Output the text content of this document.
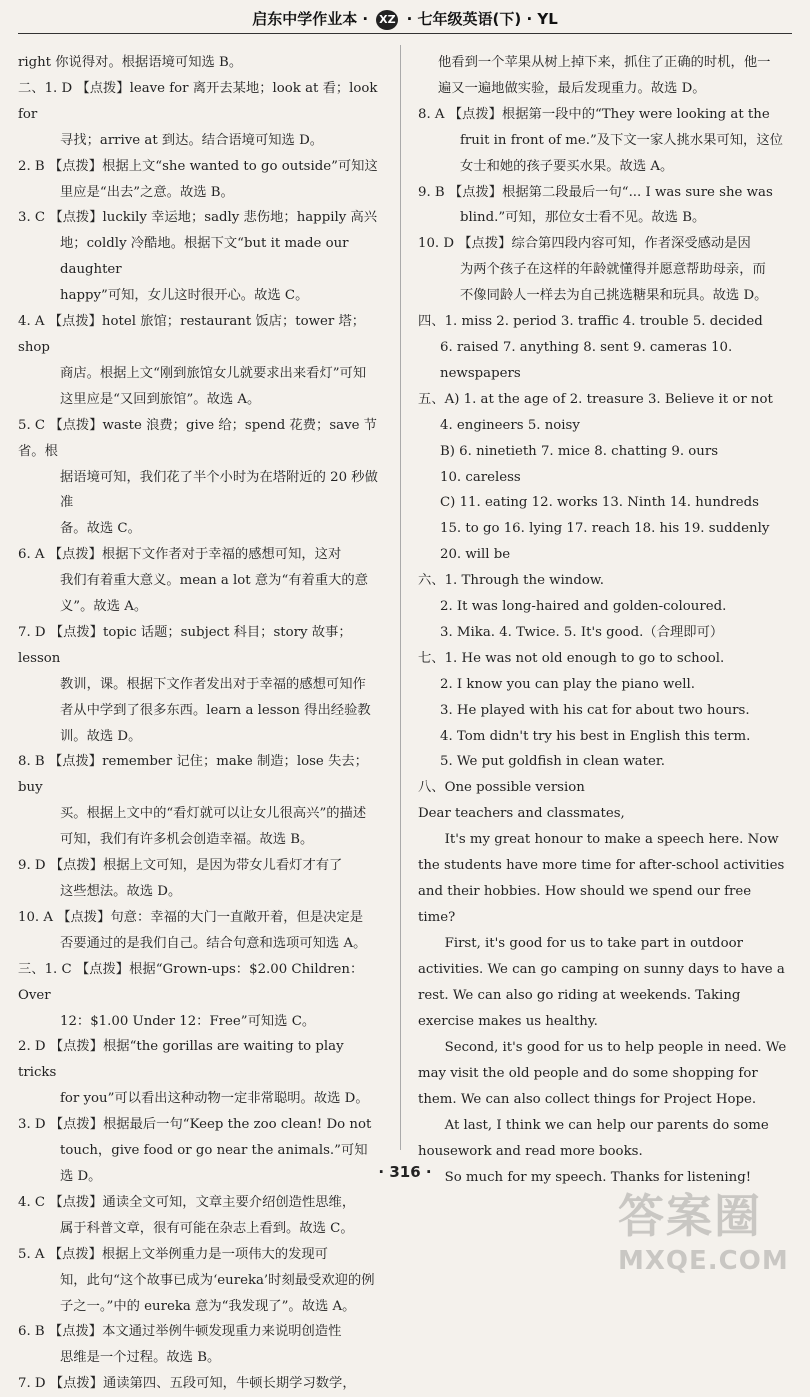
启东中学作业本 · XZ · 七年级英语(下) · YL
right 你说得对。根据语境可知选 B。
二、1. D 【点拨】leave for 离开去某地；look at 看；look for
寻找；arrive at 到达。结合语境可知选 D。
2. B 【点拨】根据上文“she wanted to go outside”可知这
里应是“出去”之意。故选 B。
3. C 【点拨】luckily 幸运地；sadly 悲伤地；happily 高兴
地；coldly 冷酷地。根据下文“but it made our daughter
happy”可知，女儿这时很开心。故选 C。
4. A 【点拨】hotel 旅馆；restaurant 饭店；tower 塔；shop
商店。根据上文“刚到旅馆女儿就要求出来看灯”可知
这里应是“又回到旅馆”。故选 A。
5. C 【点拨】waste 浪费；give 给；spend 花费；save 节省。根
据语境可知，我们花了半个小时为在塔附近的 20 秒做准
备。故选 C。
6. A 【点拨】根据下文作者对于幸福的感想可知，这对
我们有着重大意义。mean a lot 意为“有着重大的意
义”。故选 A。
7. D 【点拨】topic 话题；subject 科目；story 故事；lesson
教训，课。根据下文作者发出对于幸福的感想可知作
者从中学到了很多东西。learn a lesson 得出经验教
训。故选 D。
8. B 【点拨】remember 记住；make 制造；lose 失去；buy
买。根据上文中的“看灯就可以让女儿很高兴”的描述
可知，我们有许多机会创造幸福。故选 B。
9. D 【点拨】根据上文可知，是因为带女儿看灯才有了
这些想法。故选 D。
10. A 【点拨】句意：幸福的大门一直敞开着，但是决定是
否要通过的是我们自己。结合句意和选项可知选 A。
三、1. C 【点拨】根据“Grown-ups：$2.00 Children：Over
12：$1.00 Under 12：Free”可知选 C。
2. D 【点拨】根据“the gorillas are waiting to play tricks
for you”可以看出这种动物一定非常聪明。故选 D。
3. D 【点拨】根据最后一句“Keep the zoo clean! Do not
touch，give food or go near the animals.”可知选 D。
4. C 【点拨】通读全文可知，文章主要介绍创造性思维，
属于科普文章，很有可能在杂志上看到。故选 C。
5. A 【点拨】根据上文举例重力是一项伟大的发现可
知，此句“这个故事已成为‘eureka’时刻最受欢迎的例
子之一。”中的 eureka 意为“我发现了”。故选 A。
6. B 【点拨】本文通过举例牛顿发现重力来说明创造性
思维是一个过程。故选 B。
7. D 【点拨】通读第四、五段可知，牛顿长期学习数学，
他看到一个苹果从树上掉下来，抓住了正确的时机，他一
遍又一遍地做实验，最后发现重力。故选 D。
8. A 【点拨】根据第一段中的“They were looking at the
fruit in front of me.”及下文一家人挑水果可知，这位
女士和她的孩子要买水果。故选 A。
9. B 【点拨】根据第二段最后一句“... I was sure she was
blind.”可知，那位女士看不见。故选 B。
10. D 【点拨】综合第四段内容可知，作者深受感动是因
为两个孩子在这样的年龄就懂得并愿意帮助母亲，而
不像同龄人一样去为自己挑选糖果和玩具。故选 D。
四、1. miss 2. period 3. traffic 4. trouble 5. decided
6. raised 7. anything 8. sent 9. cameras 10. newspapers
五、A) 1. at the age of 2. treasure 3. Believe it or not
4. engineers 5. noisy
B) 6. ninetieth 7. mice 8. chatting 9. ours
10. careless
C) 11. eating 12. works 13. Ninth 14. hundreds
15. to go 16. lying 17. reach 18. his 19. suddenly
20. will be
六、1. Through the window.
2. It was long-haired and golden-coloured.
3. Mika. 4. Twice. 5. It's good.（合理即可）
七、1. He was not old enough to go to school.
2. I know you can play the piano well.
3. He played with his cat for about two hours.
4. Tom didn't try his best in English this term.
5. We put goldfish in clean water.
八、One possible version

Dear teachers and classmates,

It's my great honour to make a speech here. Now the students have more time for after-school activities and their hobbies. How should we spend our free time?

First, it's good for us to take part in outdoor activities. We can go camping on sunny days to have a rest. We can also go riding at weekends. Taking exercise makes us healthy.

Second, it's good for us to help people in need. We may visit the old people and do some shopping for them. We can also collect things for Project Hope.

At last, I think we can help our parents do some housework and read more books.

So much for my speech. Thanks for listening!

· 316 ·
答案圈
MXQE.COM
